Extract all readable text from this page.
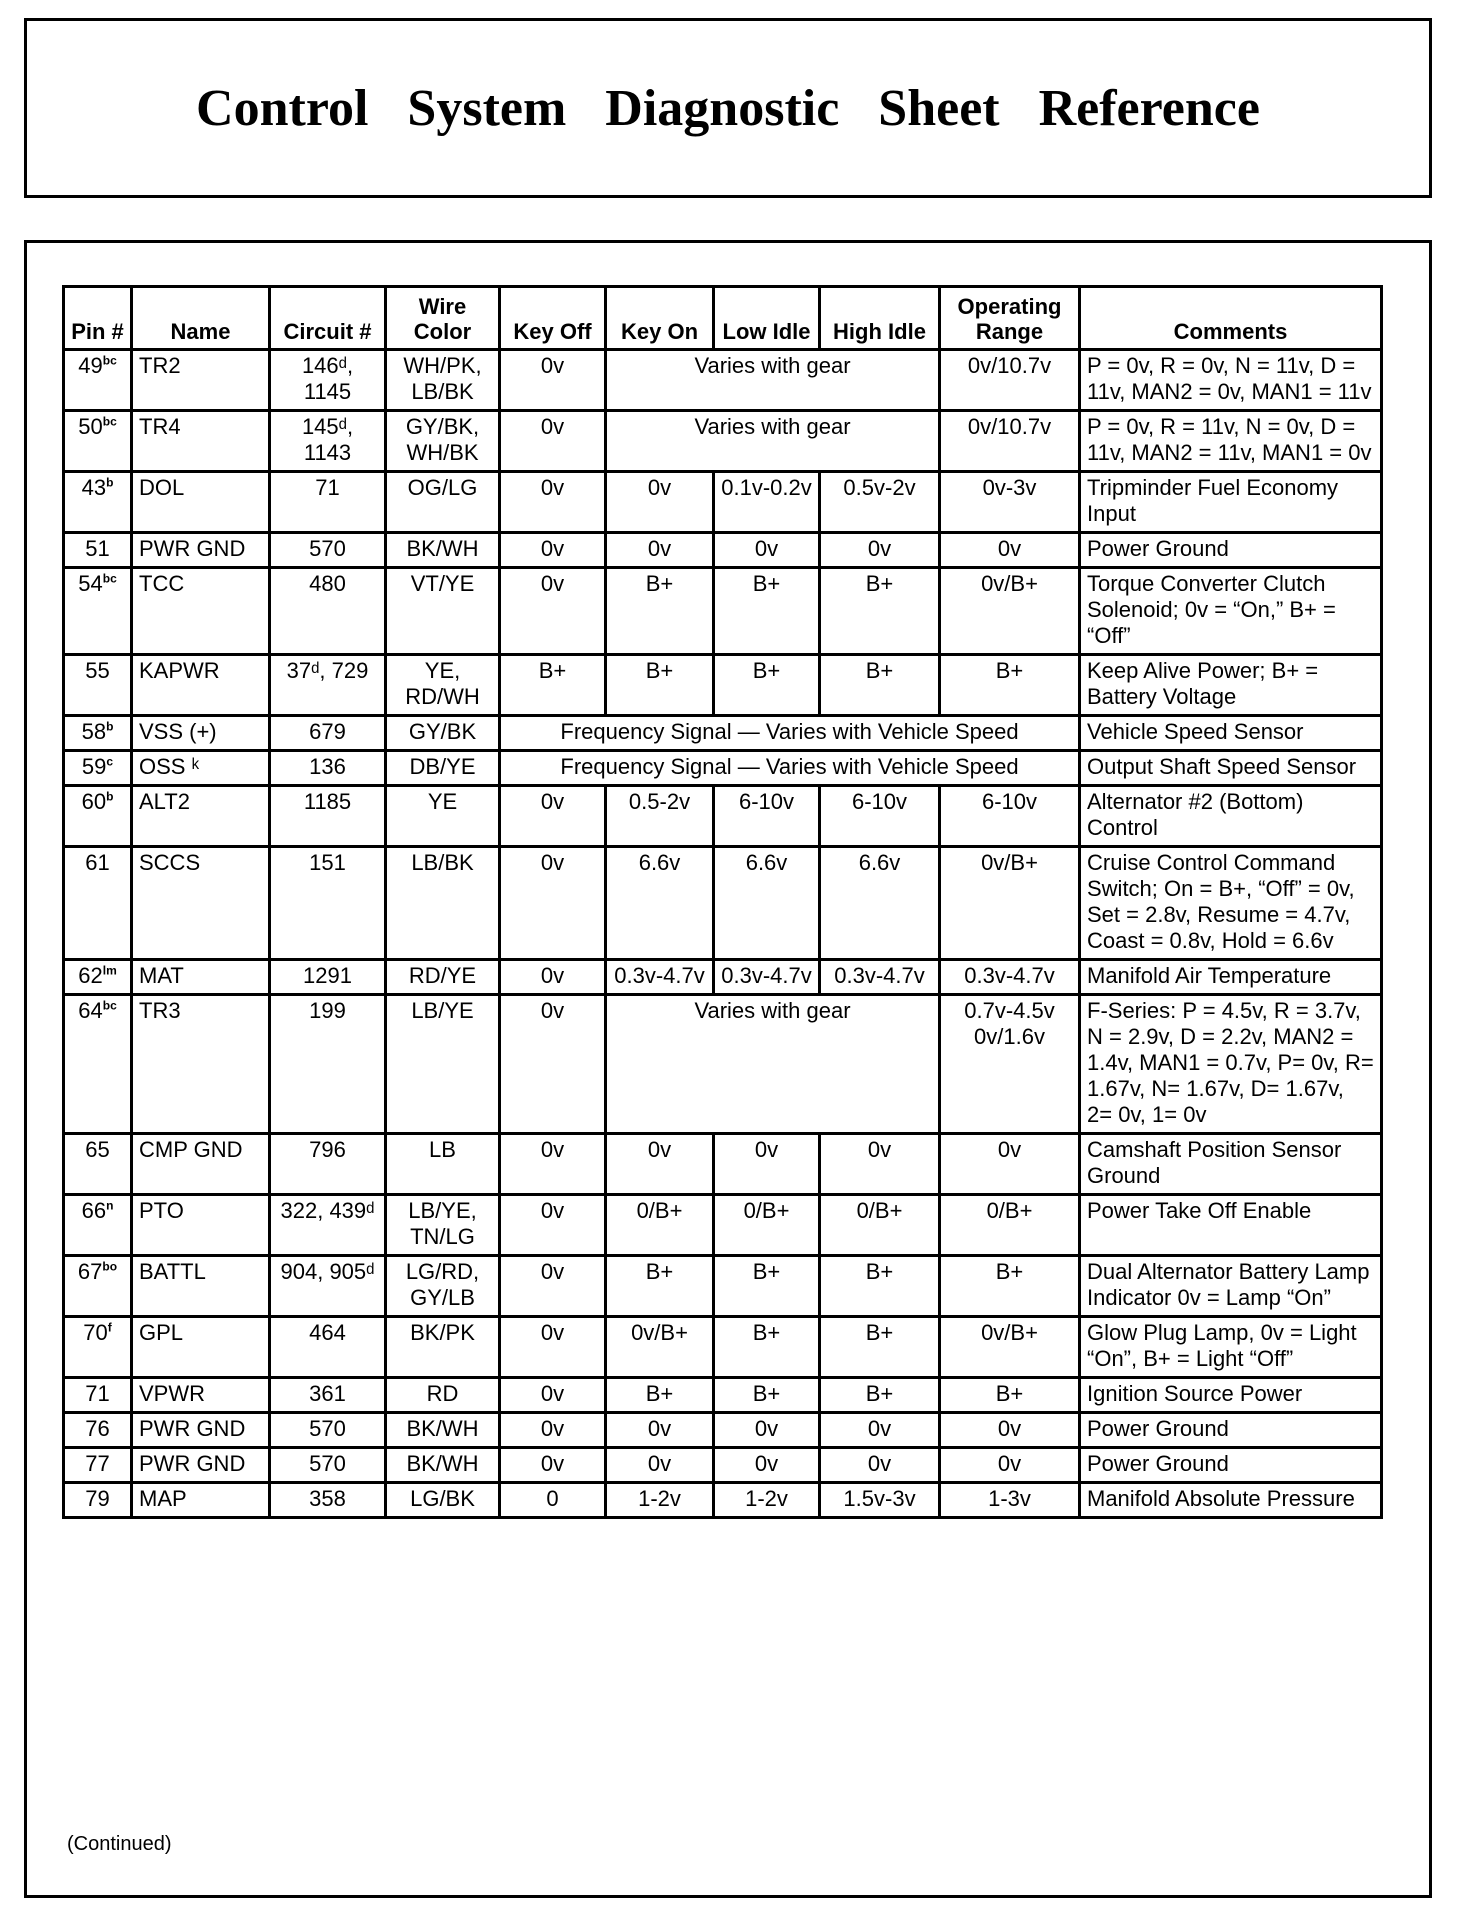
Control System Diagnostic Sheet Reference
Pin #	Name	Circuit #	Wire Color	Key Off	Key On	Low Idle	High Idle	Operating Range	Comments
$49^{bc}$	TR2	146ᵈ, 1145	WH/PK, LB/BK	0v	Varies with gear			0v/10.7v	P = 0v, R = 0v, N = 11v, D = 11v, MAN2 = 0v, MAN1 = 11v
$50^{bc}$	TR4	145ᵈ, 1143	GY/BK, WH/BK	0v	Varies with gear			0v/10.7v	P = 0v, R = 11v, N = 0v, D = 11v, MAN2 = 11v, MAN1 = 0v
43$^b$	DOL	71	OG/LG	0v	0v	0.1v-0.2v	0.5v-2v	0v-3v	Tripminder Fuel Economy Input
51	PWR GND	570	BK/WH	0v	0v	0v	0v	0v	Power Ground
$54^{bc}$	TCC	480	VT/YE	0v	B+	B+	B+	0v/B+	Torque Converter Clutch Solenoid; 0v = “On,” B+ = “Off”
55	KAPWR	37ᵈ, 729	YE, RD/WH	B+	B+	B+	B+	B+	Keep Alive Power; B+ = Battery Voltage
58$^b$	VSS (+)	679	GY/BK	Frequency Signal — Varies with Vehicle Speed					Vehicle Speed Sensor
59$^c$	OSS ᵏ	136	DB/YE	Frequency Signal — Varies with Vehicle Speed					Output Shaft Speed Sensor
60$^b$	ALT2	1185	YE	0v	0.5-2v	6-10v	6-10v	6-10v	Alternator #2 (Bottom) Control
61	SCCS	151	LB/BK	0v	6.6v	6.6v	6.6v	0v/B+	Cruise Control Command Switch; On = B+, “Off” = 0v, Set = 2.8v, Resume = 4.7v, Coast = 0.8v, Hold = 6.6v
$62^{lm}$	MAT	1291	RD/YE	0v	0.3v-4.7v	0.3v-4.7v	0.3v-4.7v	0.3v-4.7v	Manifold Air Temperature
$64^{bc}$	TR3	199	LB/YE	0v	Varies with gear			0.7v-4.5v 0v/1.6v	F-Series: P = 4.5v, R = 3.7v, N = 2.9v, D = 2.2v, MAN2 = 1.4v, MAN1 = 0.7v, P= 0v, R= 1.67v, N= 1.67v, D= 1.67v, 2= 0v, 1= 0v
65	CMP GND	796	LB	0v	0v	0v	0v	0v	Camshaft Position Sensor Ground
66$^n$	PTO	322, 439ᵈ	LB/YE, TN/LG	0v	0/B+	0/B+	0/B+	0/B+	Power Take Off Enable
$67^{bo}$	BATTL	904, 905ᵈ	LG/RD, GY/LB	0v	B+	B+	B+	B+	Dual Alternator Battery Lamp Indicator 0v = Lamp “On”
70$^f$	GPL	464	BK/PK	0v	0v/B+	B+	B+	0v/B+	Glow Plug Lamp, 0v = Light “On”, B+ = Light “Off”
71	VPWR	361	RD	0v	B+	B+	B+	B+	Ignition Source Power
76	PWR GND	570	BK/WH	0v	0v	0v	0v	0v	Power Ground
77	PWR GND	570	BK/WH	0v	0v	0v	0v	0v	Power Ground
79	MAP	358	LG/BK	0	1-2v	1-2v	1.5v-3v	1-3v	Manifold Absolute Pressure
(Continued)
